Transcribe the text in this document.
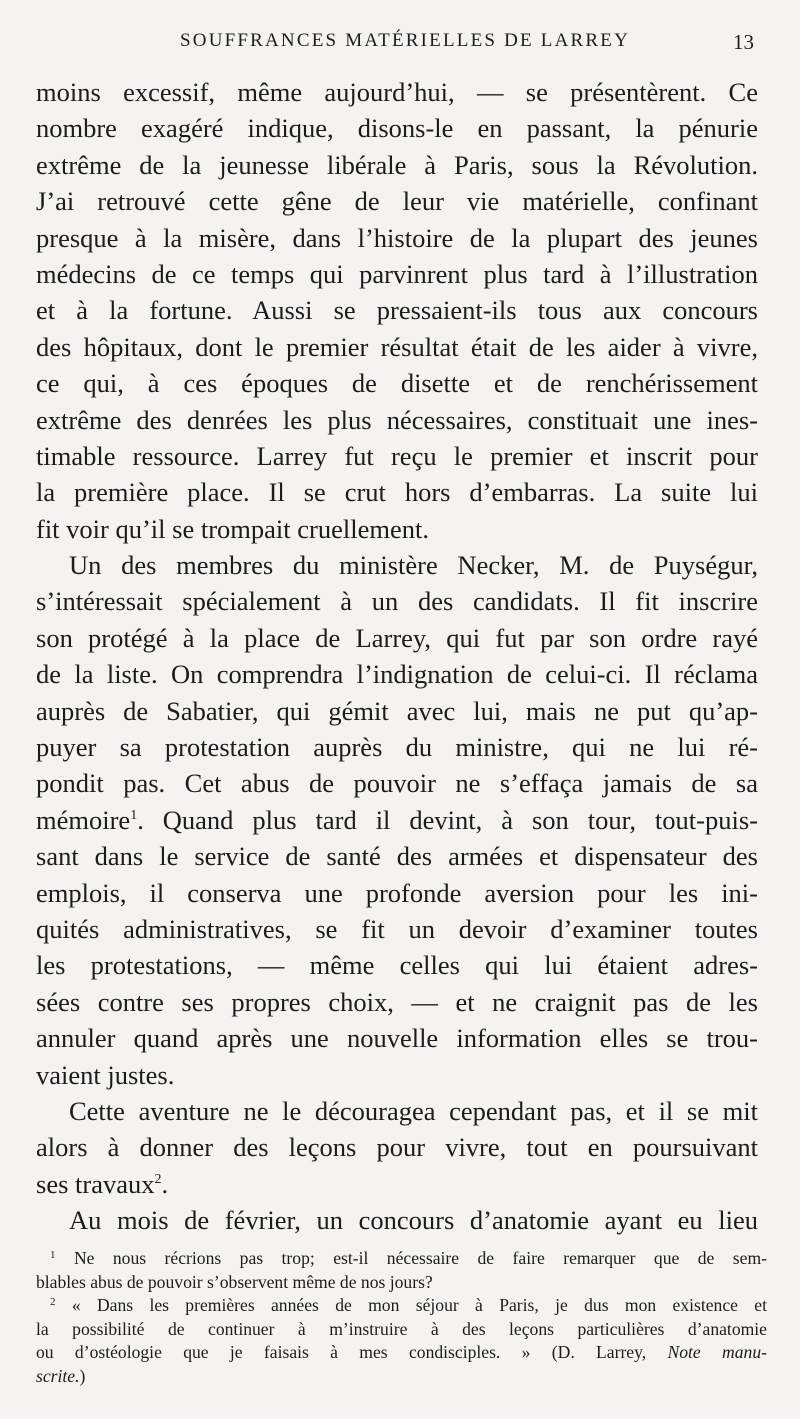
SOUFFRANCES MATÉRIELLES DE LARREY	13
moins excessif, même aujourd’hui, — se présentèrent. Ce
nombre exagéré indique, disons-le en passant, la pénurie
extrême de la jeunesse libérale à Paris, sous la Révolution.
J’ai retrouvé cette gêne de leur vie matérielle, confinant
presque à la misère, dans l’histoire de la plupart des jeunes
médecins de ce temps qui parvinrent plus tard à l’illustration
et à la fortune. Aussi se pressaient-ils tous aux concours
des hôpitaux, dont le premier résultat était de les aider à vivre,
ce qui, à ces époques de disette et de renchérissement
extrême des denrées les plus nécessaires, constituait une ines-
timable ressource. Larrey fut reçu le premier et inscrit pour
la première place. Il se crut hors d’embarras. La suite lui
fit voir qu’il se trompait cruellement.
Un des membres du ministère Necker, M. de Puységur,
s’intéressait spécialement à un des candidats. Il fit inscrire
son protégé à la place de Larrey, qui fut par son ordre rayé
de la liste. On comprendra l’indignation de celui-ci. Il réclama
auprès de Sabatier, qui gémit avec lui, mais ne put qu’ap-
puyer sa protestation auprès du ministre, qui ne lui ré-
pondit pas. Cet abus de pouvoir ne s’effaça jamais de sa
mémoire$^1$. Quand plus tard il devint, à son tour, tout-puis-
sant dans le service de santé des armées et dispensateur des
emplois, il conserva une profonde aversion pour les ini-
quités administratives, se fit un devoir d’examiner toutes
les protestations, — même celles qui lui étaient adres-
sées contre ses propres choix, — et ne craignit pas de les
annuler quand après une nouvelle information elles se trou-
vaient justes.
Cette aventure ne le découragea cependant pas, et il se mit
alors à donner des leçons pour vivre, tout en poursuivant
ses travaux$^2$.
Au mois de février, un concours d’anatomie ayant eu lieu
$^1$ Ne nous récrions pas trop; est-il nécessaire de faire remarquer que de sem-
blables abus de pouvoir s’observent même de nos jours?
$^2$ « Dans les premières années de mon séjour à Paris, je dus mon existence et
la possibilité de continuer à m’instruire à des leçons particulières d’anatomie
ou d’ostéologie que je faisais à mes condisciples. » (D. Larrey, Note manu-
scrite.)
